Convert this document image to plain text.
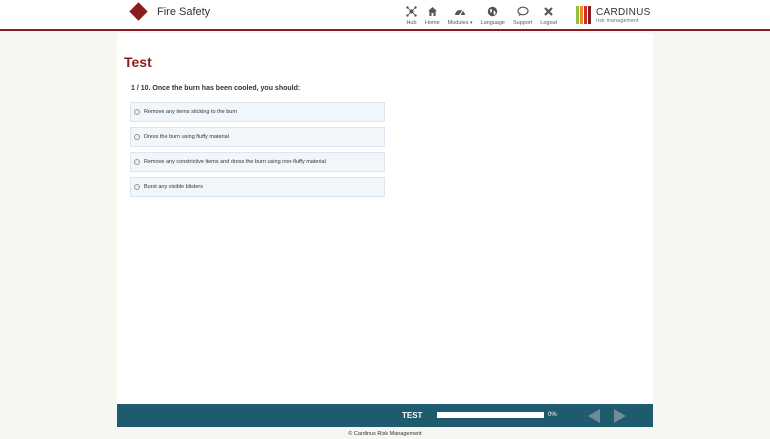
Fire Safety
Hub Home Modules ▾ Language Support Logout
CARDINUS
risk management
Test
1 / 10. Once the burn has been cooled, you should:
Remove any items sticking to the burn
Dress the burn using fluffy material
Remove any constrictive items and dress the burn using non-fluffy material
Burst any visible blisters
TEST	0%
© Cardinus Risk Management
